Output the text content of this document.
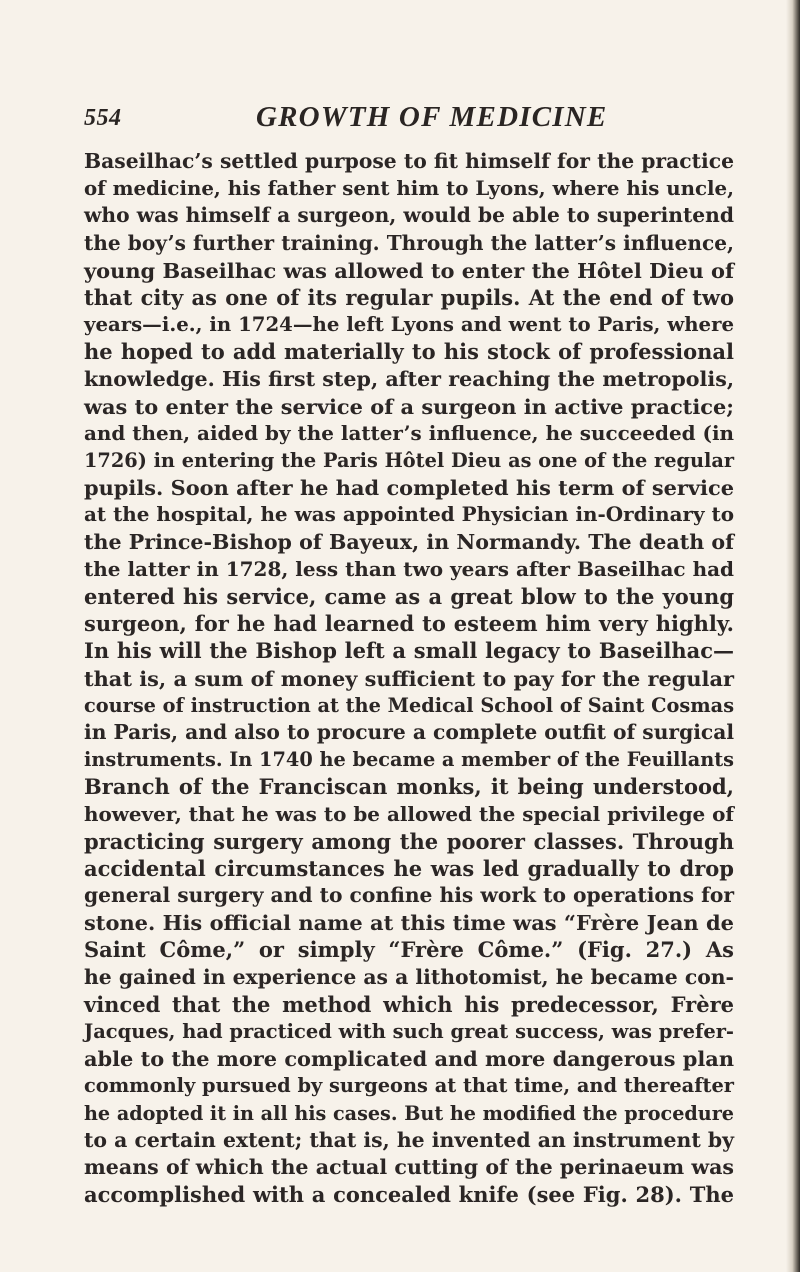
554	GROWTH OF MEDICINE
Baseilhac’s settled purpose to fit himself for the practice
of medicine, his father sent him to Lyons, where his uncle,
who was himself a surgeon, would be able to superintend
the boy’s further training. Through the latter’s influence,
young Baseilhac was allowed to enter the Hôtel Dieu of
that city as one of its regular pupils. At the end of two
years—i.e., in 1724—he left Lyons and went to Paris, where
he hoped to add materially to his stock of professional
knowledge. His first step, after reaching the metropolis,
was to enter the service of a surgeon in active practice;
and then, aided by the latter’s influence, he succeeded (in
1726) in entering the Paris Hôtel Dieu as one of the regular
pupils. Soon after he had completed his term of service
at the hospital, he was appointed Physician in-Ordinary to
the Prince-Bishop of Bayeux, in Normandy. The death of
the latter in 1728, less than two years after Baseilhac had
entered his service, came as a great blow to the young
surgeon, for he had learned to esteem him very highly.
In his will the Bishop left a small legacy to Baseilhac—
that is, a sum of money sufficient to pay for the regular
course of instruction at the Medical School of Saint Cosmas
in Paris, and also to procure a complete outfit of surgical
instruments. In 1740 he became a member of the Feuillants
Branch of the Franciscan monks, it being understood,
however, that he was to be allowed the special privilege of
practicing surgery among the poorer classes. Through
accidental circumstances he was led gradually to drop
general surgery and to confine his work to operations for
stone. His official name at this time was “Frère Jean de
Saint Côme,” or simply “Frère Côme.” (Fig. 27.) As
he gained in experience as a lithotomist, he became con-
vinced that the method which his predecessor, Frère
Jacques, had practiced with such great success, was prefer-
able to the more complicated and more dangerous plan
commonly pursued by surgeons at that time, and thereafter
he adopted it in all his cases. But he modified the procedure
to a certain extent; that is, he invented an instrument by
means of which the actual cutting of the perinaeum was
accomplished with a concealed knife (see Fig. 28). The
